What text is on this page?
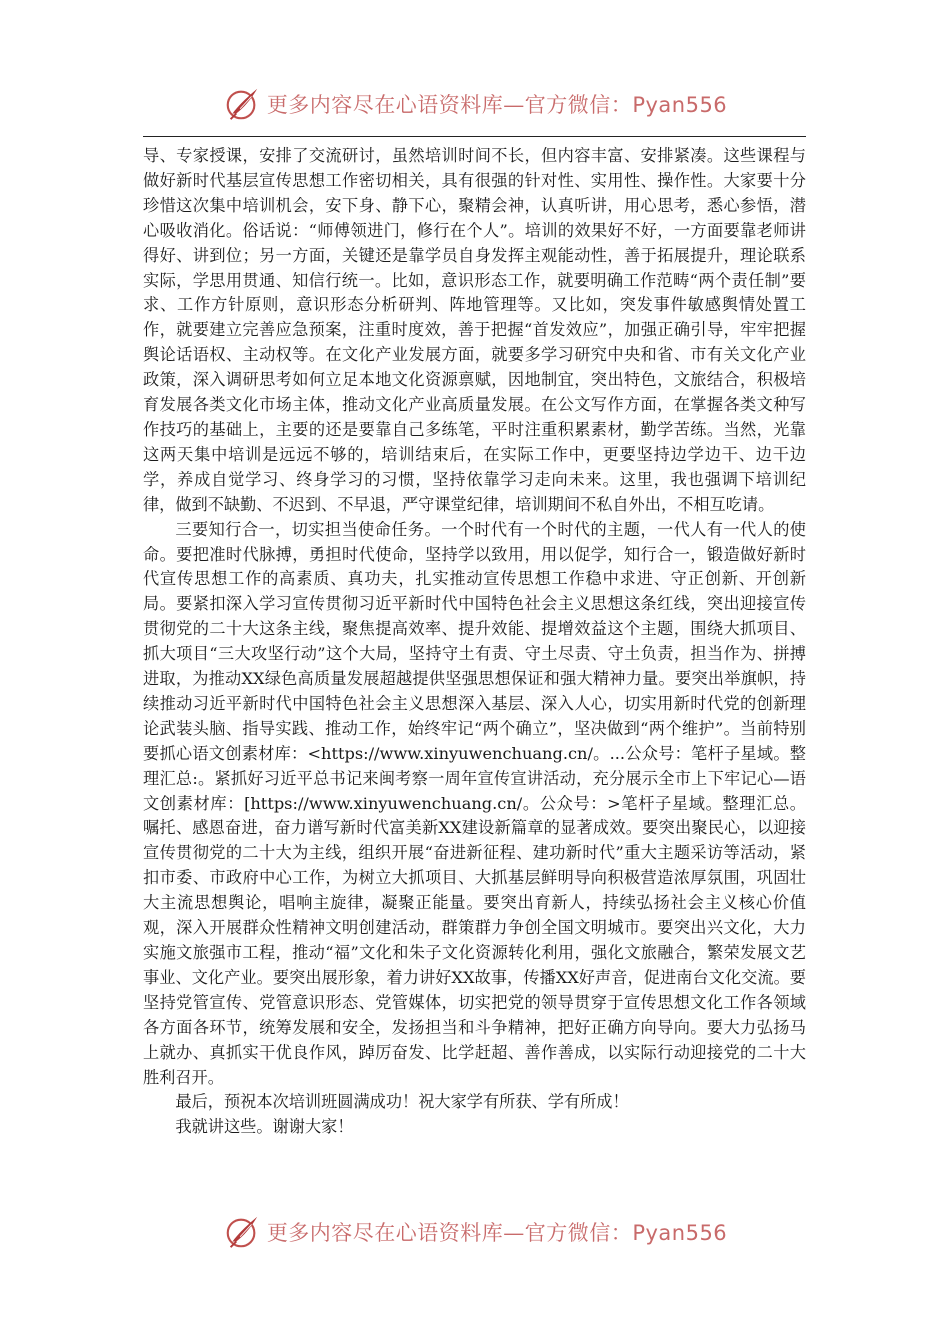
更多内容尽在心语资料库—官方微信：Pyan556

导、专家授课，安排了交流研讨，虽然培训时间不长，但内容丰富、安排紧凑。这些课程与做好新时代基层宣传思想工作密切相关，具有很强的针对性、实用性、操作性。大家要十分珍惜这次集中培训机会，安下身、静下心，聚精会神，认真听讲，用心思考，悉心参悟，潜心吸收消化。俗话说：“师傅领进门，修行在个人”。培训的效果好不好，一方面要靠老师讲得好、讲到位；另一方面，关键还是靠学员自身发挥主观能动性，善于拓展提升，理论联系实际，学思用贯通、知信行统一。比如，意识形态工作，就要明确工作范畴“两个责任制”要求、工作方针原则，意识形态分析研判、阵地管理等。又比如，突发事件敏感舆情处置工作，就要建立完善应急预案，注重时度效，善于把握“首发效应”，加强正确引导，牢牢把握舆论话语权、主动权等。在文化产业发展方面，就要多学习研究中央和省、市有关文化产业政策，深入调研思考如何立足本地文化资源禀赋，因地制宜，突出特色，文旅结合，积极培育发展各类文化市场主体，推动文化产业高质量发展。在公文写作方面，在掌握各类文种写作技巧的基础上，主要的还是要靠自己多练笔，平时注重积累素材，勤学苦练。当然，光靠这两天集中培训是远远不够的，培训结束后，在实际工作中，更要坚持边学边干、边干边学，养成自觉学习、终身学习的习惯，坚持依靠学习走向未来。这里，我也强调下培训纪律，做到不缺勤、不迟到、不早退，严守课堂纪律，培训期间不私自外出，不相互吃请。

三要知行合一，切实担当使命任务。一个时代有一个时代的主题，一代人有一代人的使命。要把准时代脉搏，勇担时代使命，坚持学以致用，用以促学，知行合一，锻造做好新时代宣传思想工作的高素质、真功夫，扎实推动宣传思想工作稳中求进、守正创新、开创新局。要紧扣深入学习宣传贯彻习近平新时代中国特色社会主义思想这条红线，突出迎接宣传贯彻党的二十大这条主线，聚焦提高效率、提升效能、提增效益这个主题，围绕大抓项目、抓大项目“三大攻坚行动”这个大局，坚持守土有责、守土尽责、守土负责，担当作为、拼搏进取，为推动XX绿色高质量发展超越提供坚强思想保证和强大精神力量。要突出举旗帜，持续推动习近平新时代中国特色社会主义思想深入基层、深入人心，切实用新时代党的创新理论武装头脑、指导实践、推动工作，始终牢记“两个确立”，坚决做到“两个维护”。当前特别要抓心语文创素材库：<https://www.xinyuwenchuang.cn/。...公众号：笔杆子星域。整理汇总:。紧抓好习近平总书记来闽考察一周年宣传宣讲活动，充分展示全市上下牢记心—语文创素材库：[https://www.xinyuwenchuang.cn/。公众号：>笔杆子星域。整理汇总。嘱托、感恩奋进，奋力谱写新时代富美新XX建设新篇章的显著成效。要突出聚民心，以迎接宣传贯彻党的二十大为主线，组织开展“奋进新征程、建功新时代”重大主题采访等活动，紧扣市委、市政府中心工作，为树立大抓项目、大抓基层鲜明导向积极营造浓厚氛围，巩固壮大主流思想舆论，唱响主旋律，凝聚正能量。要突出育新人，持续弘扬社会主义核心价值观，深入开展群众性精神文明创建活动，群策群力争创全国文明城市。要突出兴文化，大力实施文旅强市工程，推动“福”文化和朱子文化资源转化利用，强化文旅融合，繁荣发展文艺事业、文化产业。要突出展形象，着力讲好XX故事，传播XX好声音，促进南台文化交流。要坚持党管宣传、党管意识形态、党管媒体，切实把党的领导贯穿于宣传思想文化工作各领域各方面各环节，统筹发展和安全，发扬担当和斗争精神，把好正确方向导向。要大力弘扬马上就办、真抓实干优良作风，踔厉奋发、比学赶超、善作善成，以实际行动迎接党的二十大胜利召开。

最后，预祝本次培训班圆满成功！祝大家学有所获、学有所成！

我就讲这些。谢谢大家！

更多内容尽在心语资料库—官方微信：Pyan556
